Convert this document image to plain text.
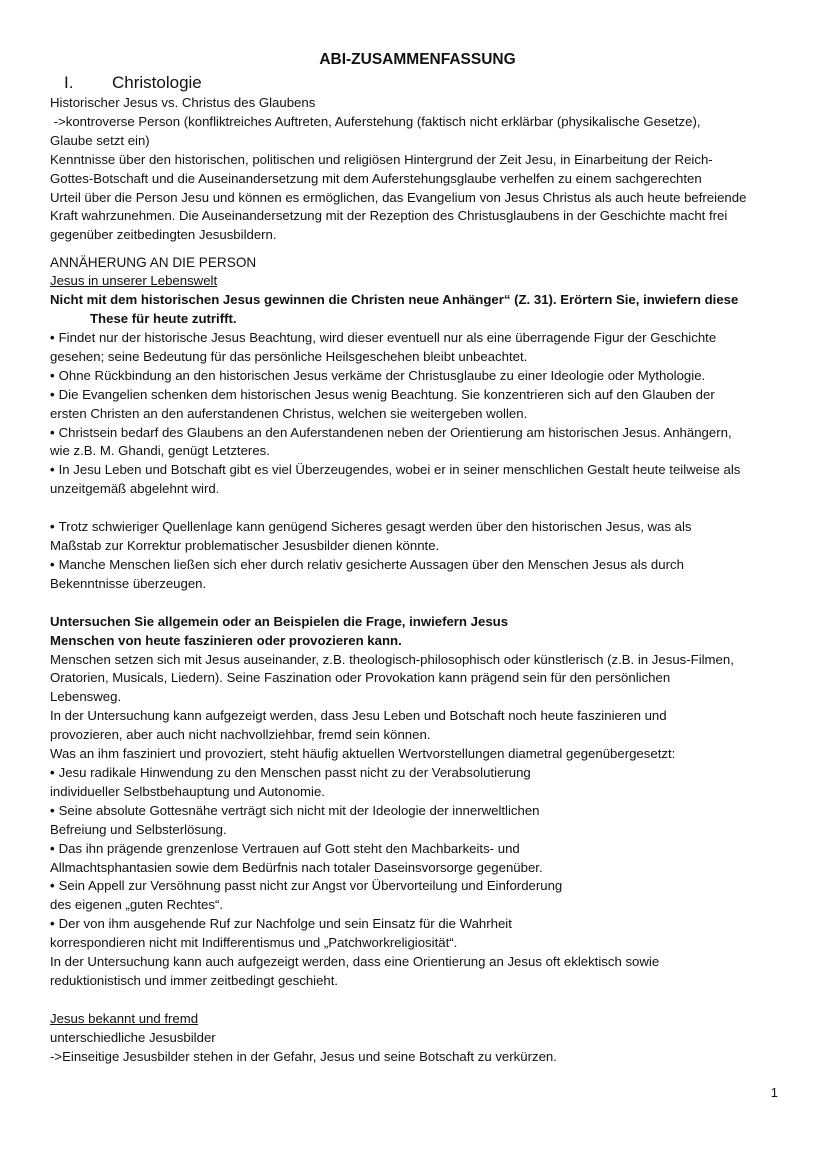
ABI-ZUSAMMENFASSUNG
I.	Christologie

Historischer Jesus vs. Christus des Glaubens

->kontroverse Person (konfliktreiches Auftreten, Auferstehung (faktisch nicht erklärbar (physikalische Gesetze),

Glaube setzt ein)

Kenntnisse über den historischen, politischen und religiösen Hintergrund der Zeit Jesu, in Einarbeitung der Reich-

Gottes-Botschaft und die Auseinandersetzung mit dem Auferstehungsglaube verhelfen zu einem sachgerechten

Urteil über die Person Jesu und können es ermöglichen, das Evangelium von Jesus Christus als auch heute befreiende

Kraft wahrzunehmen. Die Auseinandersetzung mit der Rezeption des Christusglaubens in der Geschichte macht frei

gegenüber zeitbedingten Jesusbildern.

ANNÄHERUNG AN DIE PERSON

Jesus in unserer Lebenswelt

Nicht mit dem historischen Jesus gewinnen die Christen neue Anhänger“ (Z. 31). Erörtern Sie, inwiefern diese

These für heute zutrifft.

• Findet nur der historische Jesus Beachtung, wird dieser eventuell nur als eine überragende Figur der Geschichte

gesehen; seine Bedeutung für das persönliche Heilsgeschehen bleibt unbeachtet.

• Ohne Rückbindung an den historischen Jesus verkäme der Christusglaube zu einer Ideologie oder Mythologie.

• Die Evangelien schenken dem historischen Jesus wenig Beachtung. Sie konzentrieren sich auf den Glauben der

ersten Christen an den auferstandenen Christus, welchen sie weitergeben wollen.

• Christsein bedarf des Glaubens an den Auferstandenen neben der Orientierung am historischen Jesus. Anhängern,

wie z.B. M. Ghandi, genügt Letzteres.

• In Jesu Leben und Botschaft gibt es viel Überzeugendes, wobei er in seiner menschlichen Gestalt heute teilweise als

unzeitgemäß abgelehnt wird.

• Trotz schwieriger Quellenlage kann genügend Sicheres gesagt werden über den historischen Jesus, was als

Maßstab zur Korrektur problematischer Jesusbilder dienen könnte.

• Manche Menschen ließen sich eher durch relativ gesicherte Aussagen über den Menschen Jesus als durch

Bekenntnisse überzeugen.

Untersuchen Sie allgemein oder an Beispielen die Frage, inwiefern Jesus

Menschen von heute faszinieren oder provozieren kann.

Menschen setzen sich mit Jesus auseinander, z.B. theologisch-philosophisch oder künstlerisch (z.B. in Jesus-Filmen,

Oratorien, Musicals, Liedern). Seine Faszination oder Provokation kann prägend sein für den persönlichen

Lebensweg.

In der Untersuchung kann aufgezeigt werden, dass Jesu Leben und Botschaft noch heute faszinieren und

provozieren, aber auch nicht nachvollziehbar, fremd sein können.

Was an ihm fasziniert und provoziert, steht häufig aktuellen Wertvorstellungen diametral gegenübergesetzt:

• Jesu radikale Hinwendung zu den Menschen passt nicht zu der Verabsolutierung

individueller Selbstbehauptung und Autonomie.

• Seine absolute Gottesnähe verträgt sich nicht mit der Ideologie der innerweltlichen

Befreiung und Selbsterlösung.

• Das ihn prägende grenzenlose Vertrauen auf Gott steht den Machbarkeits- und

Allmachtsphantasien sowie dem Bedürfnis nach totaler Daseinsvorsorge gegenüber.

• Sein Appell zur Versöhnung passt nicht zur Angst vor Übervorteilung und Einforderung

des eigenen „guten Rechtes“.

• Der von ihm ausgehende Ruf zur Nachfolge und sein Einsatz für die Wahrheit

korrespondieren nicht mit Indifferentismus und „Patchworkreligiosität“.

In der Untersuchung kann auch aufgezeigt werden, dass eine Orientierung an Jesus oft eklektisch sowie

reduktionistisch und immer zeitbedingt geschieht.

Jesus bekannt und fremd

unterschiedliche Jesusbilder

->Einseitige Jesusbilder stehen in der Gefahr, Jesus und seine Botschaft zu verkürzen.

1
